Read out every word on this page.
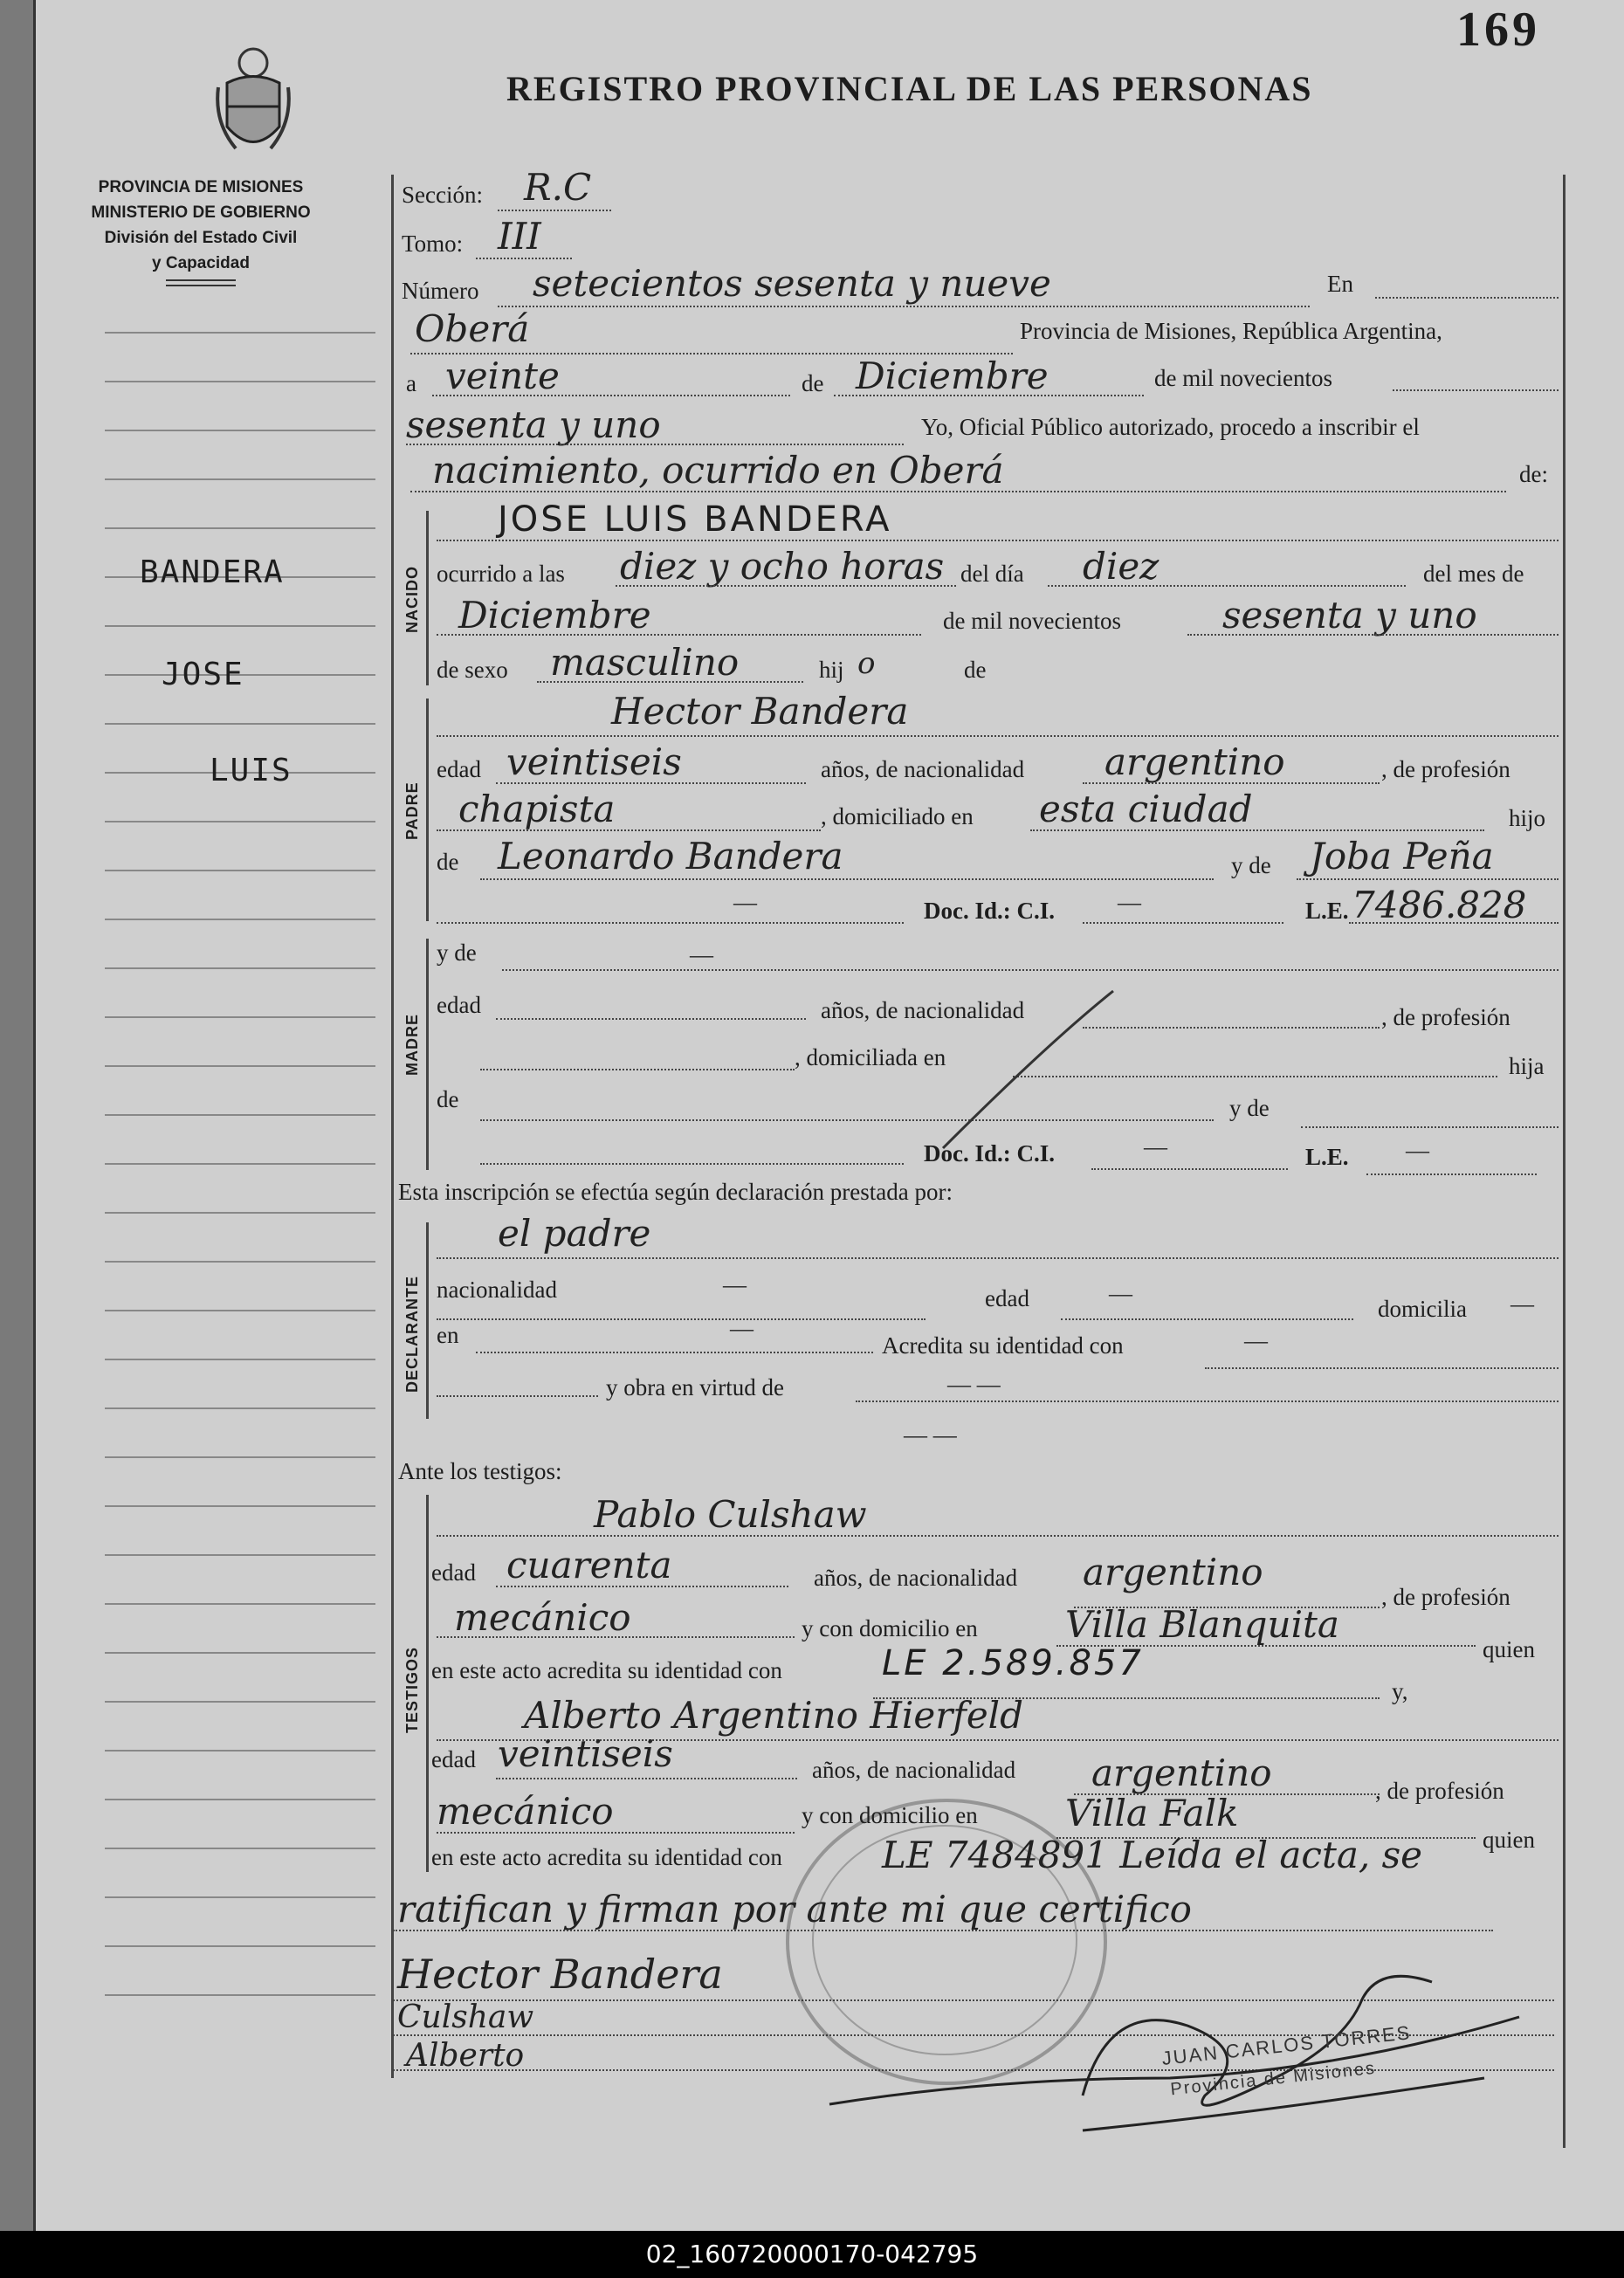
169
REGISTRO PROVINCIAL DE LAS PERSONAS
PROVINCIA DE MISIONES
MINISTERIO DE GOBIERNO
División del Estado Civil
y Capacidad
BANDERA
JOSE
LUIS
Sección: R.C
Tomo: III
Número setecientos sesenta y nueve	En
Oberá	Provincia de Misiones, República Argentina,
a veinte	de Diciembre	de mil novecientos
sesenta y uno	Yo, Oficial Público autorizado, procedo a inscribir el
nacimiento, ocurrido en Oberá	de:
NACIDO
JOSE LUIS BANDERA
ocurrido a las diez y ocho horas del día diez	del mes de
Diciembre	de mil novecientos	sesenta y uno
de sexo masculino	hij o	de
PADRE
Hector Bandera
edad veintiseis	años, de nacionalidad argentino	, de profesión
chapista	, domiciliado en esta ciudad	hijo
de Leonardo Bandera	y de Joba Peña
—	Doc. Id.: C.I.	—	L.E. 7486.828
MADRE
y de	—
edad	años, de nacionalidad	, de profesión
, domiciliada en	hija
de	y de
Doc. Id.: C.I.	—	L.E. —
Esta inscripción se efectúa según declaración prestada por:
DECLARANTE
el padre
nacionalidad	—
edad	—
domicilia —
en	—
Acredita su identidad con	—
y obra en virtud de	— —
— —
Ante los testigos:
TESTIGOS
Pablo Culshaw
edad cuarenta	años, de nacionalidad argentino
, de profesión
mecánico	y con domicilio en Villa Blanquita
quien
en este acto acredita su identidad con	LE 2.589.857
y,
Alberto Argentino Hierfeld
edad veintiseis	años, de nacionalidad argentino	, de profesión
mecánico	y con domicilio en Villa Falk
quien
en este acto acredita su identidad con	LE 7484891 Leída el acta, se
ratifican y firman por ante mi que certifico
Hector Bandera
Culshaw
Alberto	JUAN CARLOS TORRES
Provincia de Misiones
02_160720000170-042795
